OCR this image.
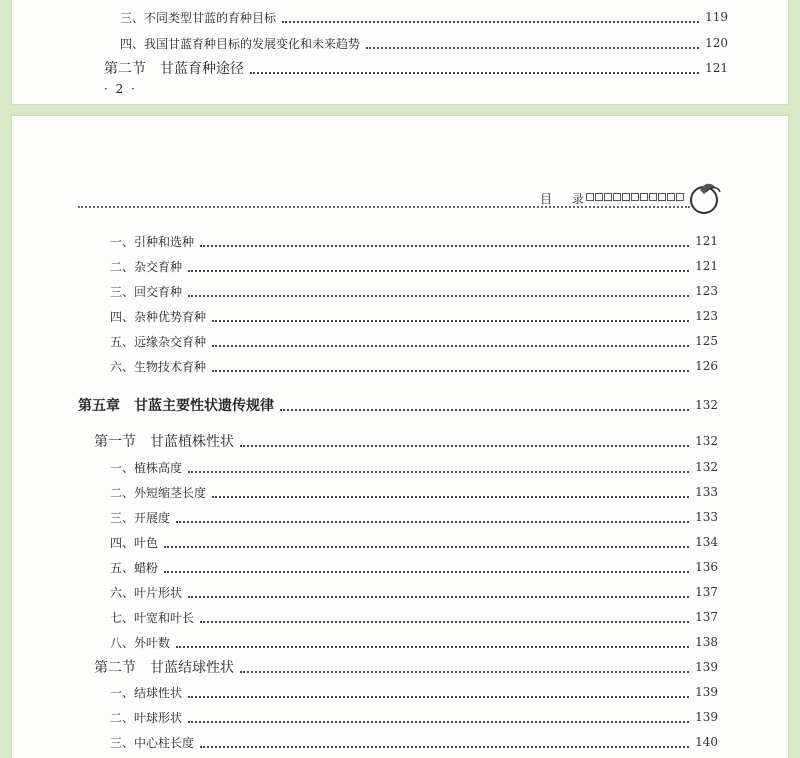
三、不同类型甘蓝的育种目标	119
四、我国甘蓝育种目标的发展变化和未来趋势	120
第二节　甘蓝育种途径	121
· 2 ·
目 录
一、引种和选种	121
二、杂交育种	121
三、回交育种	123
四、杂种优势育种	123
五、远缘杂交育种	125
六、生物技术育种	126
第五章　甘蓝主要性状遗传规律	132
第一节　甘蓝植株性状	132
一、植株高度	132
二、外短缩茎长度	133
三、开展度	133
四、叶色	134
五、蜡粉	136
六、叶片形状	137
七、叶宽和叶长	137
八、外叶数	138
第二节　甘蓝结球性状	139
一、结球性状	139
二、叶球形状	139
三、中心柱长度	140
